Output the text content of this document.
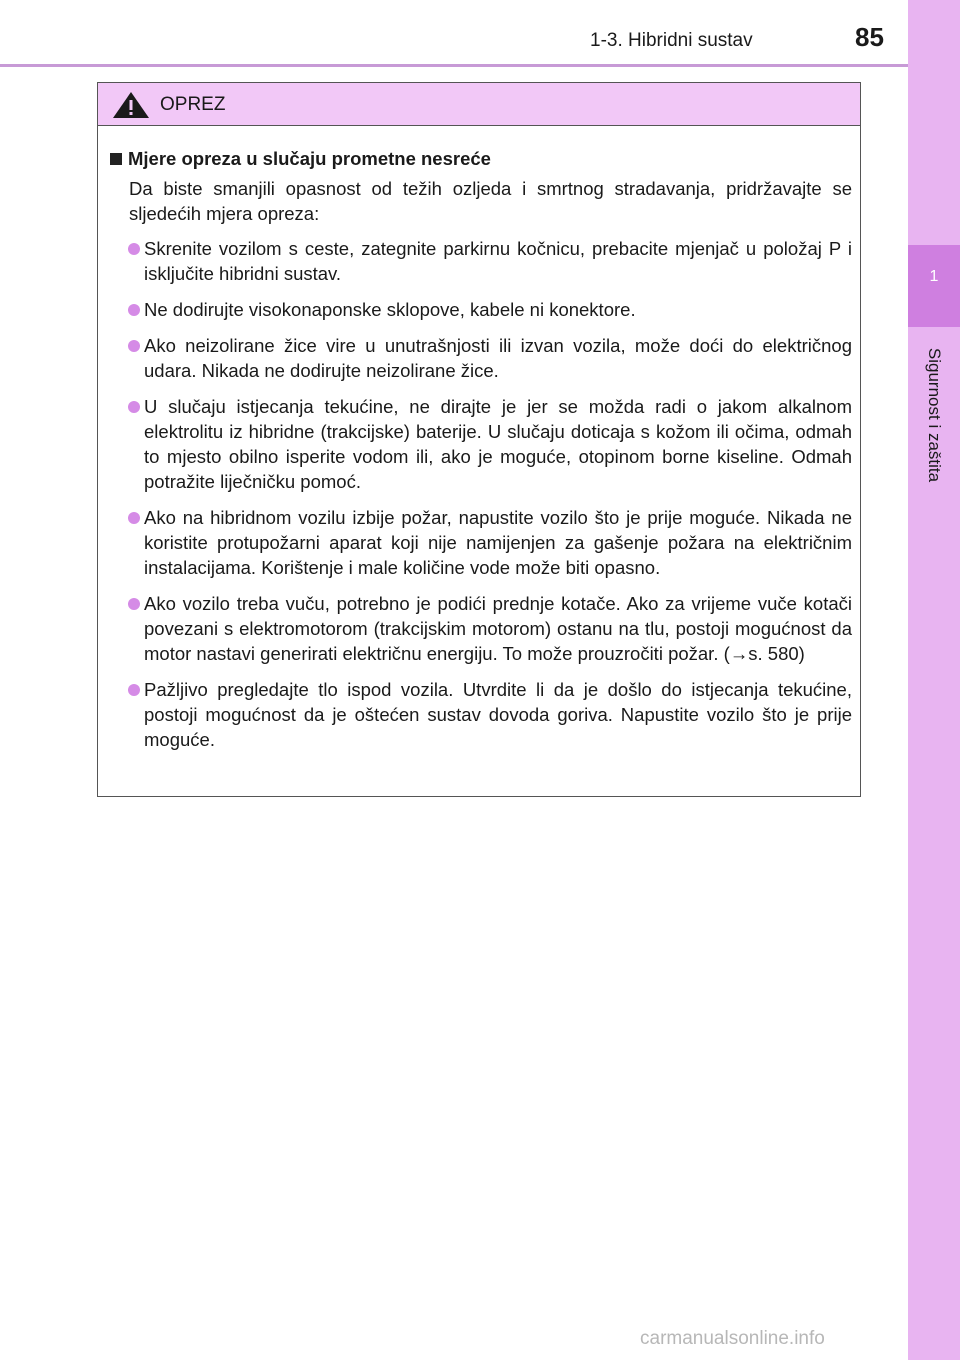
1-3. Hibridni sustav	85
1
Sigurnost i zaštita
OPREZ
Mjere opreza u slučaju prometne nesreće
Da biste smanjili opasnost od težih ozljeda i smrtnog stradavanja, pridržavajte se sljedećih mjera opreza:
Skrenite vozilom s ceste, zategnite parkirnu kočnicu, prebacite mjenjač u položaj P i isključite hibridni sustav.
Ne dodirujte visokonaponske sklopove, kabele ni konektore.
Ako neizolirane žice vire u unutrašnjosti ili izvan vozila, može doći do električnog udara. Nikada ne dodirujte neizolirane žice.
U slučaju istjecanja tekućine, ne dirajte je jer se možda radi o jakom alkalnom elektrolitu iz hibridne (trakcijske) baterije. U slučaju doticaja s kožom ili očima, odmah to mjesto obilno isperite vodom ili, ako je moguće, otopinom borne kiseline. Odmah potražite liječničku pomoć.
Ako na hibridnom vozilu izbije požar, napustite vozilo što je prije moguće. Nikada ne koristite protupožarni aparat koji nije namijenjen za gašenje požara na električnim instalacijama. Korištenje i male količine vode može biti opasno.
Ako vozilo treba vuču, potrebno je podići prednje kotače. Ako za vrijeme vuče kotači povezani s elektromotorom (trakcijskim motorom) ostanu na tlu, postoji mogućnost da motor nastavi generirati električnu energiju. To može prouzročiti požar. (→s. 580)
Pažljivo pregledajte tlo ispod vozila. Utvrdite li da je došlo do istjecanja tekućine, postoji mogućnost da je oštećen sustav dovoda goriva. Napustite vozilo što je prije moguće.
carmanualsonline.info
